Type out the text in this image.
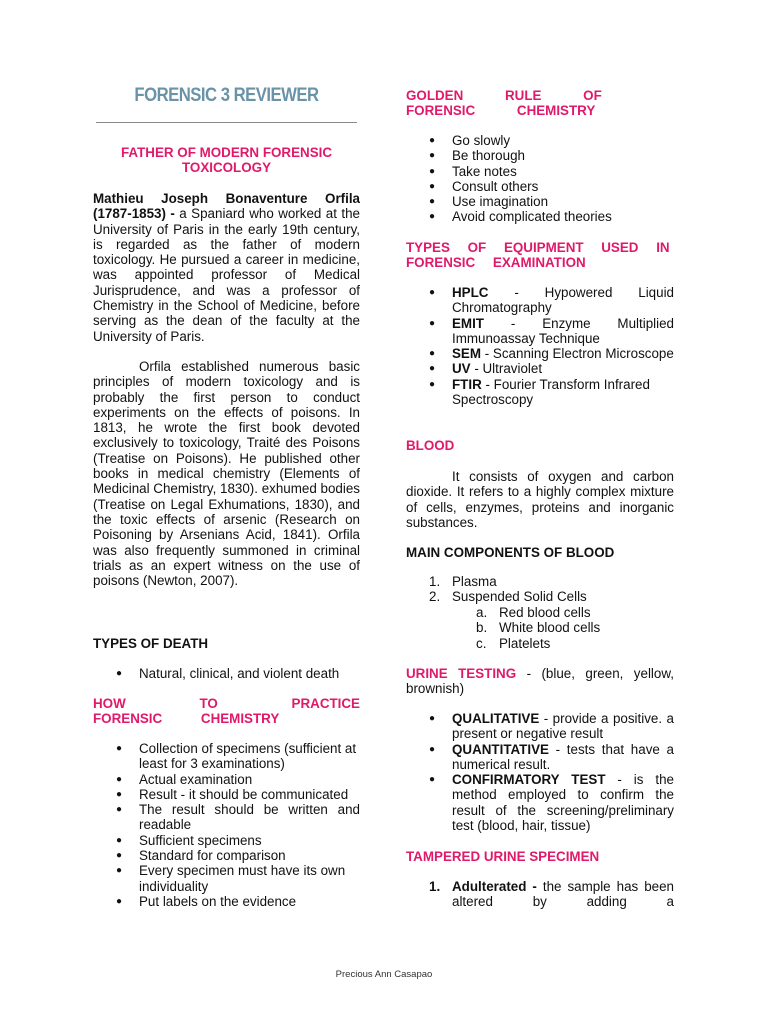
FORENSIC 3 REVIEWER
FATHER OF MODERN FORENSIC TOXICOLOGY
Mathieu Joseph Bonaventure Orfila (1787-1853) - a Spaniard who worked at the University of Paris in the early 19th century, is regarded as the father of modern toxicology. He pursued a career in medicine, was appointed professor of Medical Jurisprudence, and was a professor of Chemistry in the School of Medicine, before serving as the dean of the faculty at the University of Paris.
Orfila established numerous basic principles of modern toxicology and is probably the first person to conduct experiments on the effects of poisons. In 1813, he wrote the first book devoted exclusively to toxicology, Traité des Poisons (Treatise on Poisons). He published other books in medical chemistry (Elements of Medicinal Chemistry, 1830). exhumed bodies (Treatise on Legal Exhumations, 1830), and the toxic effects of arsenic (Research on Poisoning by Arsenians Acid, 1841). Orfila was also frequently summoned in criminal trials as an expert witness on the use of poisons (Newton, 2007).
TYPES OF DEATH
● Natural, clinical, and violent death
HOW TO PRACTICE FORENSIC CHEMISTRY
● Collection of specimens (sufficient at least for 3 examinations)
● Actual examination
● Result - it should be communicated
● The result should be written and readable
● Sufficient specimens
● Standard for comparison
● Every specimen must have its own individuality
● Put labels on the evidence
GOLDEN RULE OF FORENSIC CHEMISTRY
● Go slowly
● Be thorough
● Take notes
● Consult others
● Use imagination
● Avoid complicated theories
TYPES OF EQUIPMENT USED IN FORENSIC EXAMINATION
● HPLC - Hypowered Liquid Chromatography
● EMIT - Enzyme Multiplied Immunoassay Technique
● SEM - Scanning Electron Microscope
● UV - Ultraviolet
● FTIR - Fourier Transform Infrared Spectroscopy
BLOOD
It consists of oxygen and carbon dioxide. It refers to a highly complex mixture of cells, enzymes, proteins and inorganic substances.
MAIN COMPONENTS OF BLOOD
1. Plasma
2. Suspended Solid Cells
a. Red blood cells
b. White blood cells
c. Platelets
URINE TESTING - (blue, green, yellow, brownish)
● QUALITATIVE - provide a positive. a present or negative result
● QUANTITATIVE - tests that have a numerical result.
● CONFIRMATORY TEST - is the method employed to confirm the result of the screening/preliminary test (blood, hair, tissue)
TAMPERED URINE SPECIMEN
1. Adulterated - the sample has been altered by adding a
Precious Ann Casapao
